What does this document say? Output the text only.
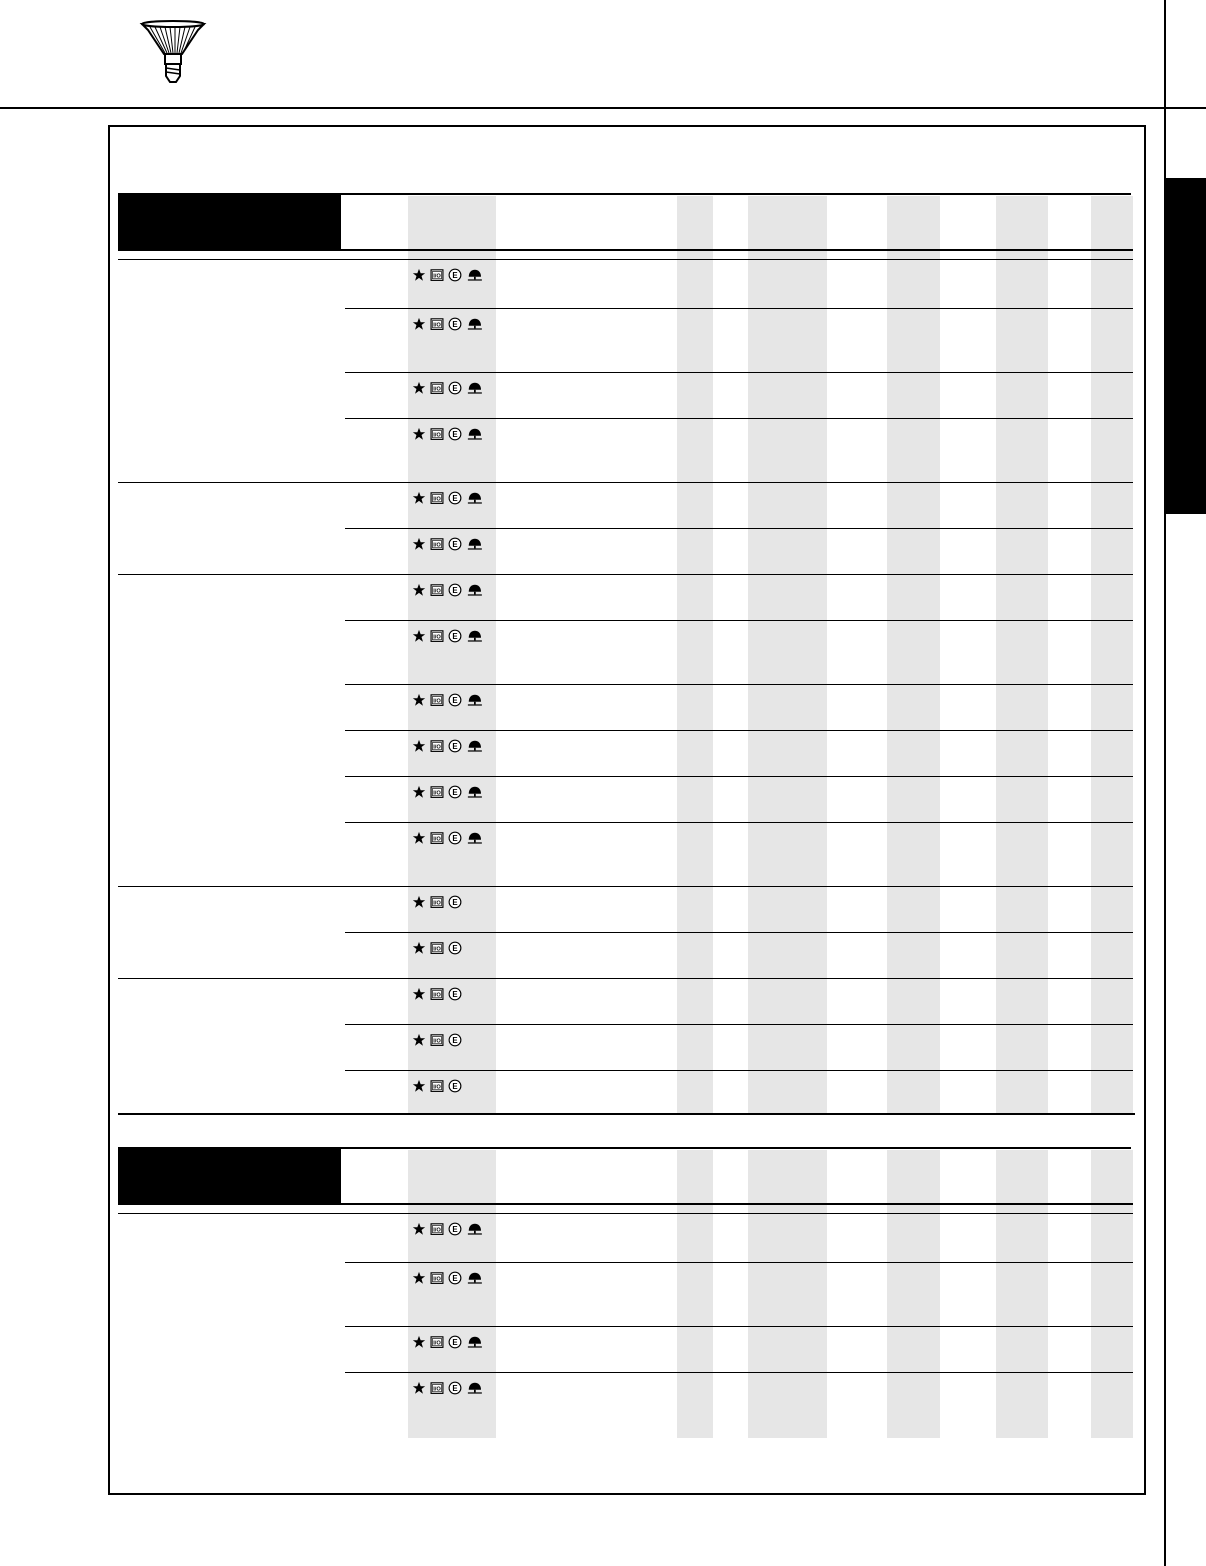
I/O E
I/O E
I/O E
I/O E
I/O E
I/O E
I/O E
I/O E
I/O E
I/O E
I/O E
I/O E
I/O E
I/O E
I/O E
I/O E
I/O E
I/O E
I/O E
I/O E
I/O E
